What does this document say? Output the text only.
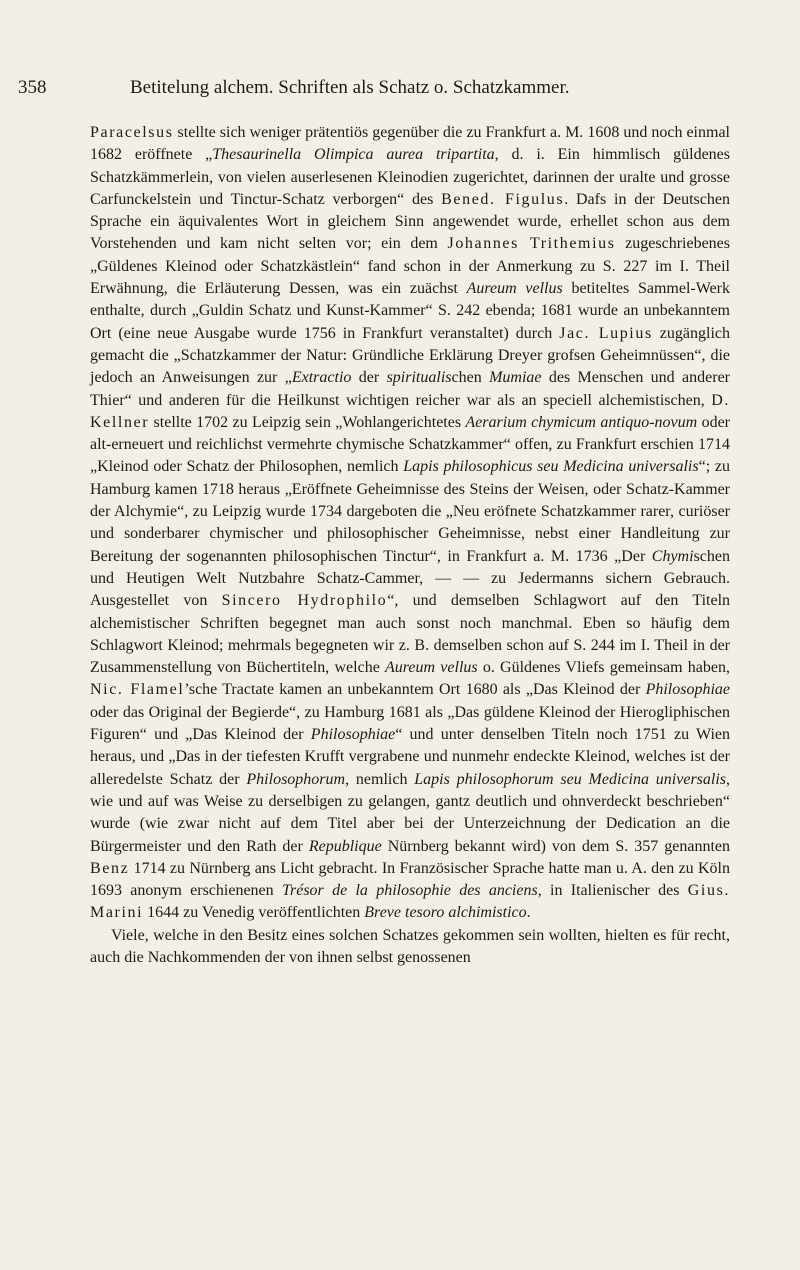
358	Betitelung alchem. Schriften als Schatz o. Schatzkammer.

Paracelsus stellte sich weniger prätentiös gegenüber die zu Frankfurt a. M. 1608 und noch einmal 1682 eröffnete „Thesaurinella Olimpica aurea tripartita, d. i. Ein himmlisch güldenes Schatzkämmerlein, von vielen auserlesenen Kleinodien zugerichtet, darinnen der uralte und grosse Carfunckelstein und Tinctur-Schatz verborgen“ des Bened. Figulus. Dafs in der Deutschen Sprache ein äquivalentes Wort in gleichem Sinn angewendet wurde, erhellet schon aus dem Vorstehenden und kam nicht selten vor; ein dem Johannes Trithemius zugeschriebenes „Güldenes Kleinod oder Schatzkästlein“ fand schon in der Anmerkung zu S. 227 im I. Theil Erwähnung, die Erläuterung Dessen, was ein zuächst Aureum vellus betiteltes Sammel-Werk enthalte, durch „Guldin Schatz und Kunst-Kammer“ S. 242 ebenda; 1681 wurde an unbekanntem Ort (eine neue Ausgabe wurde 1756 in Frankfurt veranstaltet) durch Jac. Lupius zugänglich gemacht die „Schatzkammer der Natur: Gründliche Erklärung Dreyer grofsen Geheimnüssen“, die jedoch an Anweisungen zur „Extractio der spiritualischen Mumiae des Menschen und anderer Thier“ und anderen für die Heilkunst wichtigen reicher war als an speciell alchemistischen, D. Kellner stellte 1702 zu Leipzig sein „Wohlangerichtetes Aerarium chymicum antiquo-novum oder alt-erneuert und reichlichst vermehrte chymische Schatzkammer“ offen, zu Frankfurt erschien 1714 „Kleinod oder Schatz der Philosophen, nemlich Lapis philosophicus seu Medicina universalis“; zu Hamburg kamen 1718 heraus „Eröffnete Geheimnisse des Steins der Weisen, oder Schatz-Kammer der Alchymie“, zu Leipzig wurde 1734 dargeboten die „Neu eröfnete Schatzkammer rarer, curiöser und sonderbarer chymischer und philosophischer Geheimnisse, nebst einer Handleitung zur Bereitung der sogenannten philosophischen Tinctur“, in Frankfurt a. M. 1736 „Der Chymischen und Heutigen Welt Nutzbahre Schatz-Cammer, — — zu Jedermanns sichern Gebrauch. Ausgestellet von Sincero Hydrophilo“, und demselben Schlagwort auf den Titeln alchemistischer Schriften begegnet man auch sonst noch manchmal. Eben so häufig dem Schlagwort Kleinod; mehrmals begegneten wir z. B. demselben schon auf S. 244 im I. Theil in der Zusammenstellung von Büchertiteln, welche Aureum vellus o. Güldenes Vliefs gemeinsam haben, Nic. Flamel’sche Tractate kamen an unbekanntem Ort 1680 als „Das Kleinod der Philosophiae oder das Original der Begierde“, zu Hamburg 1681 als „Das güldene Kleinod der Hierogliphischen Figuren“ und „Das Kleinod der Philosophiae“ und unter denselben Titeln noch 1751 zu Wien heraus, und „Das in der tiefesten Krufft vergrabene und nunmehr endeckte Kleinod, welches ist der alleredelste Schatz der Philosophorum, nemlich Lapis philosophorum seu Medicina universalis, wie und auf was Weise zu derselbigen zu gelangen, gantz deutlich und ohnverdeckt beschrieben“ wurde (wie zwar nicht auf dem Titel aber bei der Unterzeichnung der Dedication an die Bürgermeister und den Rath der Republique Nürnberg bekannt wird) von dem S. 357 genannten Benz 1714 zu Nürnberg ans Licht gebracht. In Französischer Sprache hatte man u. A. den zu Köln 1693 anonym erschienenen Trésor de la philosophie des anciens, in Italienischer des Gius. Marini 1644 zu Venedig veröffentlichten Breve tesoro alchimistico.

Viele, welche in den Besitz eines solchen Schatzes gekommen sein wollten, hielten es für recht, auch die Nachkommenden der von ihnen selbst genossenen
